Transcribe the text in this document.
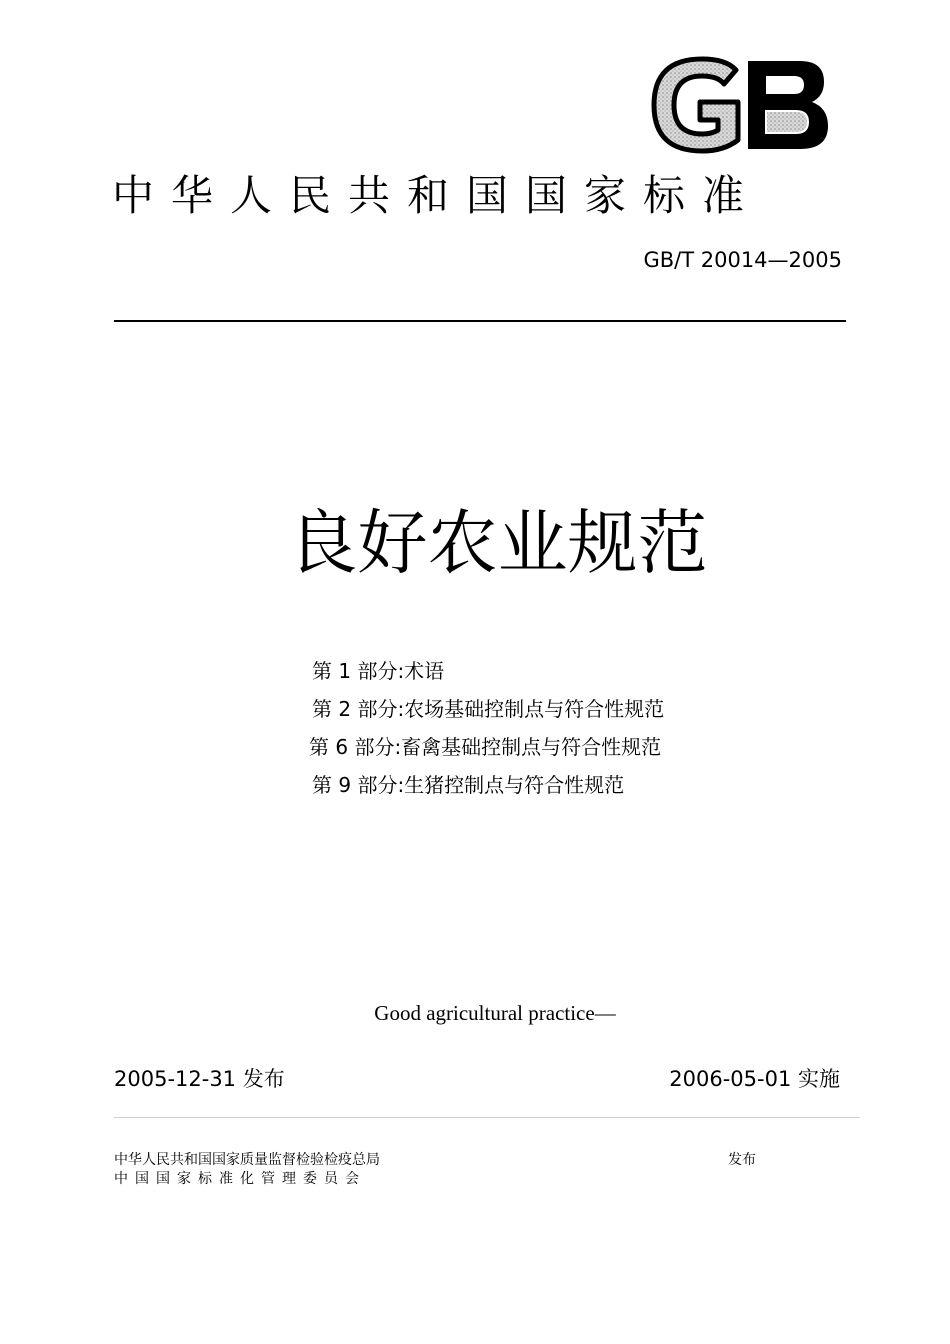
中华人民共和国国家标准
GB/T 20014—2005
良好农业规范
第 1 部分:术语
第 2 部分:农场基础控制点与符合性规范
第 6 部分:畜禽基础控制点与符合性规范
第 9 部分:生猪控制点与符合性规范
Good agricultural practice—
2005-12-31 发布	2006-05-01 实施
中华人民共和国国家质量监督检验检疫总局
中国国家标准化管理委员会
发布
